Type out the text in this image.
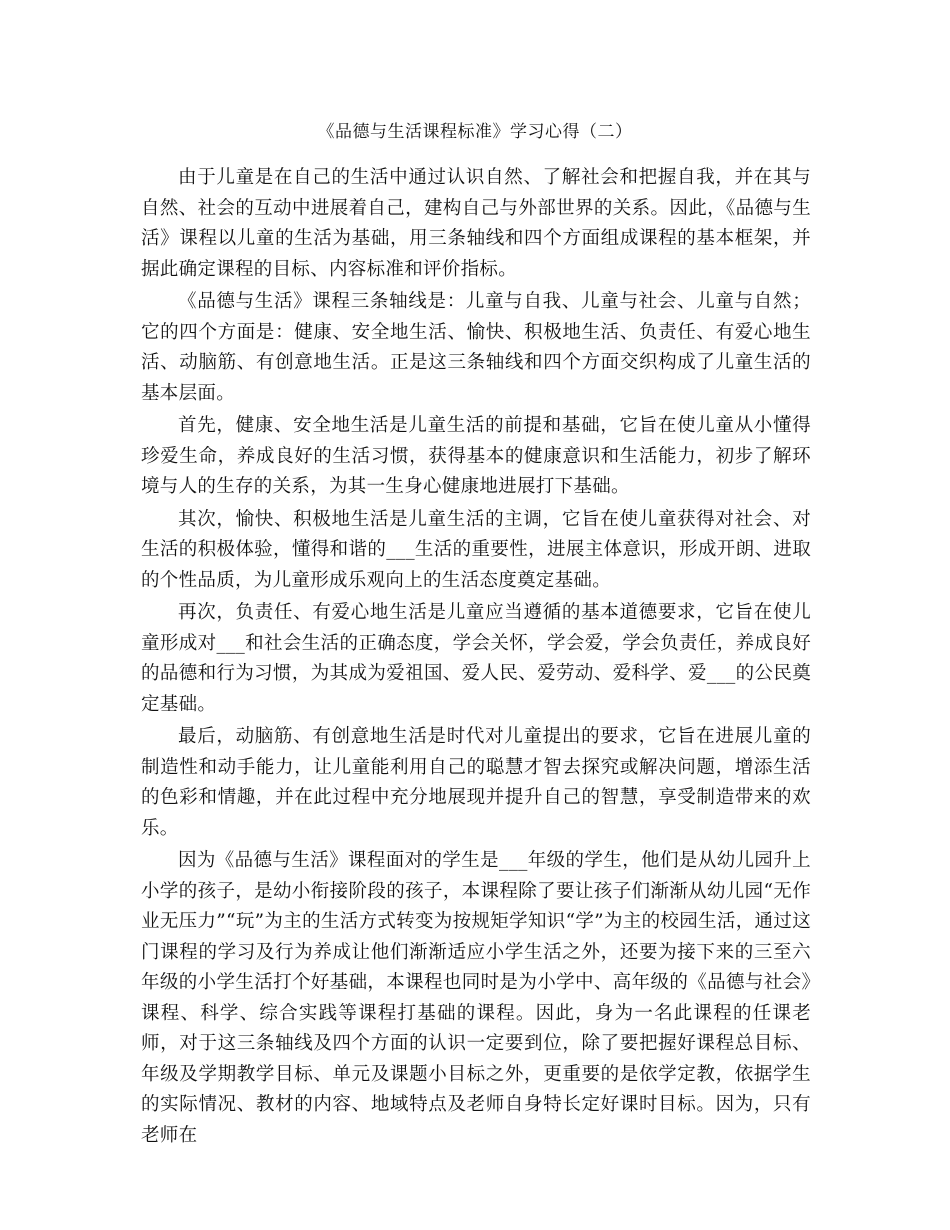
《品德与生活课程标准》学习心得（二）

由于儿童是在自己的生活中通过认识自然、了解社会和把握自我，并在其与自然、社会的互动中进展着自己，建构自己与外部世界的关系。因此，《品德与生活》课程以儿童的生活为基础，用三条轴线和四个方面组成课程的基本框架，并据此确定课程的目标、内容标准和评价指标。

《品德与生活》课程三条轴线是：儿童与自我、儿童与社会、儿童与自然；它的四个方面是：健康、安全地生活、愉快、积极地生活、负责任、有爱心地生活、动脑筋、有创意地生活。正是这三条轴线和四个方面交织构成了儿童生活的基本层面。

首先，健康、安全地生活是儿童生活的前提和基础，它旨在使儿童从小懂得珍爱生命，养成良好的生活习惯，获得基本的健康意识和生活能力，初步了解环境与人的生存的关系，为其一生身心健康地进展打下基础。

其次，愉快、积极地生活是儿童生活的主调，它旨在使儿童获得对社会、对生活的积极体验，懂得和谐的___生活的重要性，进展主体意识，形成开朗、进取的个性品质，为儿童形成乐观向上的生活态度奠定基础。

再次，负责任、有爱心地生活是儿童应当遵循的基本道德要求，它旨在使儿童形成对___和社会生活的正确态度，学会关怀，学会爱，学会负责任，养成良好的品德和行为习惯，为其成为爱祖国、爱人民、爱劳动、爱科学、爱___的公民奠定基础。

最后，动脑筋、有创意地生活是时代对儿童提出的要求，它旨在进展儿童的制造性和动手能力，让儿童能利用自己的聪慧才智去探究或解决问题，增添生活的色彩和情趣，并在此过程中充分地展现并提升自己的智慧，享受制造带来的欢乐。

因为《品德与生活》课程面对的学生是___年级的学生，他们是从幼儿园升上小学的孩子，是幼小衔接阶段的孩子，本课程除了要让孩子们渐渐从幼儿园“无作业无压力”“玩”为主的生活方式转变为按规矩学知识“学”为主的校园生活，通过这门课程的学习及行为养成让他们渐渐适应小学生活之外，还要为接下来的三至六年级的小学生活打个好基础，本课程也同时是为小学中、高年级的《品德与社会》课程、科学、综合实践等课程打基础的课程。因此，身为一名此课程的任课老师，对于这三条轴线及四个方面的认识一定要到位，除了要把握好课程总目标、年级及学期教学目标、单元及课题小目标之外，更重要的是依学定教，依据学生的实际情况、教材的内容、地域特点及老师自身特长定好课时目标。因为，只有老师在
